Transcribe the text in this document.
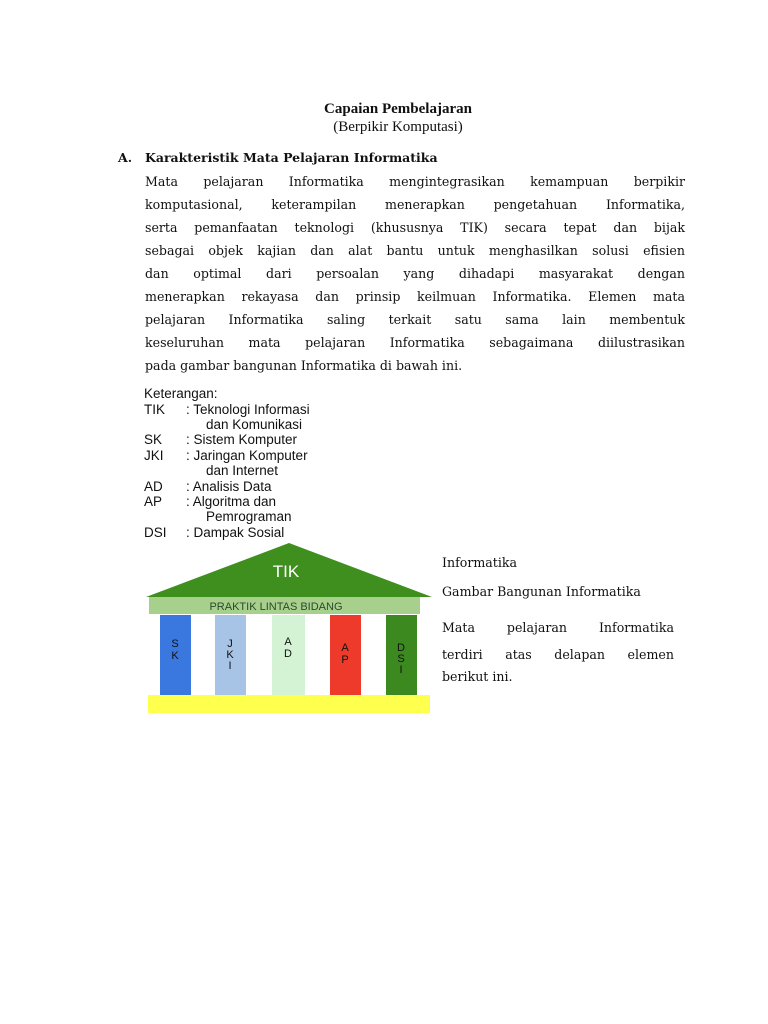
Capaian Pembelajaran
(Berpikir Komputasi)
A. Karakteristik Mata Pelajaran Informatika
Mata pelajaran Informatika mengintegrasikan kemampuan berpikir
komputasional, keterampilan menerapkan pengetahuan Informatika,
serta pemanfaatan teknologi (khususnya TIK) secara tepat dan bijak
sebagai objek kajian dan alat bantu untuk menghasilkan solusi efisien
dan optimal dari persoalan yang dihadapi masyarakat dengan
menerapkan rekayasa dan prinsip keilmuan Informatika. Elemen mata
pelajaran Informatika saling terkait satu sama lain membentuk
keseluruhan mata pelajaran Informatika sebagaimana diilustrasikan
pada gambar bangunan Informatika di bawah ini.
Keterangan:
TIK : Teknologi Informasi
dan Komunikasi
SK : Sistem Komputer
JKI : Jaringan Komputer
dan Internet
AD : Analisis Data
AP : Algoritma dan
Pemrograman
DSI : Dampak Sosial
TIK
PRAKTIK LINTAS BIDANG
S K
J K I
A D	A P
D S I
Informatika
Gambar Bangunan Informatika
Mata pelajaran Informatika
terdiri atas delapan elemen
berikut ini.
